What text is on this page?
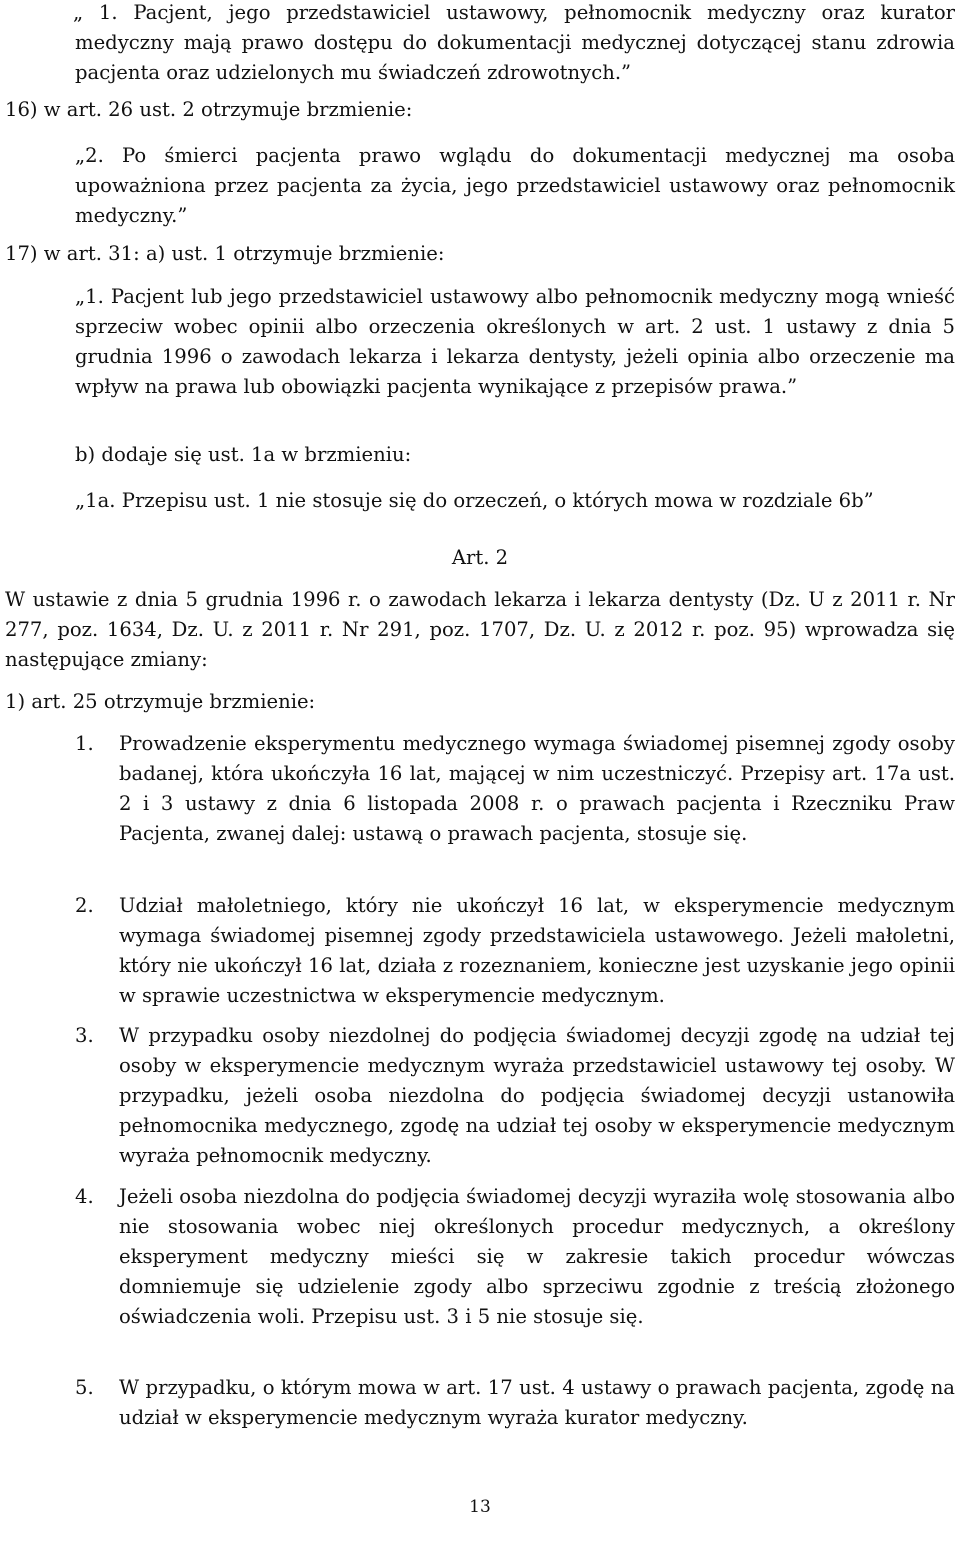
„ 1. Pacjent, jego przedstawiciel ustawowy, pełnomocnik medyczny oraz kurator medyczny mają prawo dostępu do dokumentacji medycznej dotyczącej stanu zdrowia pacjenta oraz udzielonych mu świadczeń zdrowotnych.”

16) w art. 26 ust. 2 otrzymuje brzmienie:

„2. Po śmierci pacjenta prawo wglądu do dokumentacji medycznej ma osoba upoważniona przez pacjenta za życia, jego przedstawiciel ustawowy oraz pełnomocnik medyczny.”

17) w art. 31: a) ust. 1 otrzymuje brzmienie:

„1. Pacjent lub jego przedstawiciel ustawowy albo pełnomocnik medyczny mogą wnieść sprzeciw wobec opinii albo orzeczenia określonych w art. 2 ust. 1 ustawy z dnia 5 grudnia 1996 o zawodach lekarza i lekarza dentysty, jeżeli opinia albo orzeczenie ma wpływ na prawa lub obowiązki pacjenta wynikające z przepisów prawa.”

b) dodaje się ust. 1a w brzmieniu:

„1a. Przepisu ust. 1 nie stosuje się do orzeczeń, o których mowa w rozdziale 6b”

Art. 2

W ustawie z dnia 5 grudnia 1996 r. o zawodach lekarza i lekarza dentysty (Dz. U z 2011 r. Nr 277, poz. 1634, Dz. U. z 2011 r. Nr 291, poz. 1707, Dz. U. z 2012 r. poz. 95) wprowadza się następujące zmiany:

1) art. 25 otrzymuje brzmienie:

1. Prowadzenie eksperymentu medycznego wymaga świadomej pisemnej zgody osoby badanej, która ukończyła 16 lat, mającej w nim uczestniczyć. Przepisy art. 17a ust. 2 i 3 ustawy z dnia 6 listopada 2008 r. o prawach pacjenta i Rzeczniku Praw Pacjenta, zwanej dalej: ustawą o prawach pacjenta, stosuje się.

2. Udział małoletniego, który nie ukończył 16 lat, w eksperymencie medycznym wymaga świadomej pisemnej zgody przedstawiciela ustawowego. Jeżeli małoletni, który nie ukończył 16 lat, działa z rozeznaniem, konieczne jest uzyskanie jego opinii w sprawie uczestnictwa w eksperymencie medycznym.

3. W przypadku osoby niezdolnej do podjęcia świadomej decyzji zgodę na udział tej osoby w eksperymencie medycznym wyraża przedstawiciel ustawowy tej osoby. W przypadku, jeżeli osoba niezdolna do podjęcia świadomej decyzji ustanowiła pełnomocnika medycznego, zgodę na udział tej osoby w eksperymencie medycznym wyraża pełnomocnik medyczny.

4. Jeżeli osoba niezdolna do podjęcia świadomej decyzji wyraziła wolę stosowania albo nie stosowania wobec niej określonych procedur medycznych, a określony eksperyment medyczny mieści się w zakresie takich procedur wówczas domniemuje się udzielenie zgody albo sprzeciwu zgodnie z treścią złożonego oświadczenia woli. Przepisu ust. 3 i 5 nie stosuje się.

5. W przypadku, o którym mowa w art. 17 ust. 4 ustawy o prawach pacjenta, zgodę na udział w eksperymencie medycznym wyraża kurator medyczny.

13
